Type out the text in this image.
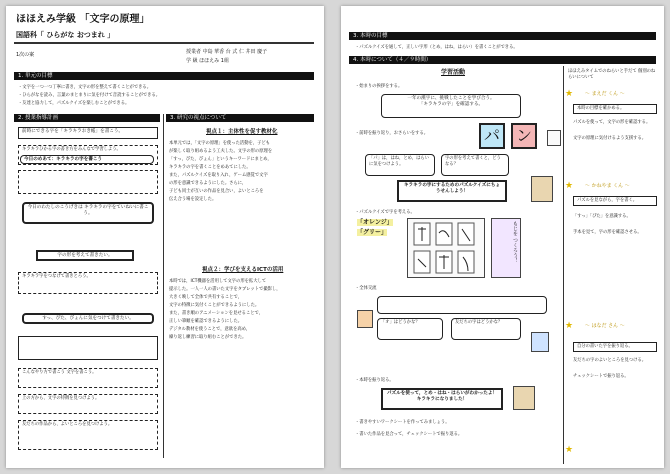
ほほえみ学級 「文字の原理」
国語科「 ひらがな おつまれ 」
1次の案	授業者 中島 華香 台 式 仁 井田 慶子
学 級 ほほえみ 1組
1. 単元の目標
・文字を一つ一つ丁寧に書き，文字の形を整えて書くことができる。
・ひらがなを読み，言葉のまとまりに気を付けて音読することができる。
・友達と協力して，パズルクイズを楽しむことができる。
2. 授業指導計画	3. 研究の視点について
前時にできる字を「キラキラおき帳」を書こう。
キラキラひかる字の書き方をみんなで学習しよう。
今日のめあて：キラキラの字を書こう
今日のわたしのこうげきは キラキラの字をていねいに書こう。
字の形を考えて書きたい。
キラキラ字をつなげて書きとろう。
すっ、ぴた、ぴょんに気をつけて書きたい。
こんなやり方で書こう 文字を書こう。
上の方から、文字の特徴を見つけよう。
友だちの作品から、よいところを見つけよう。
視点１：主体性を促す教材化
本単元では，「文字の原理」を使った活動を，子ども
が楽しく取り組めるよう工夫した。文字の形の原理を
「すっ，ぴた，ぴょん」というキーワードにまとめ，
キラキラの字を書くことをめあてにした。
また，パズルクイズを取り入れ，ゲーム感覚で文字
の形を意識できるようにした。さらに，
子ども同士が互いの作品を見合い，よいところを
伝え合う場を設定した。
視点２：学びを支えるICTの活用
本時では，ICT機器を活用して文字の形を拡大して
提示した。一人一人の書いた文字をタブレットで撮影し，
大きく映して全体で共有することで，
文字の特徴に気付くことができるようにした。
また，書き順のアニメーションを見せることで，
正しい筆順を確認できるようにした。
デジタル教材を使うことで，意欲を高め，
繰り返し練習に取り組むことができた。
3. 本時の目標
・パズルクイズを通して，正しい字形（とめ，はね，はらい）を書くことができる。
4. 本時について（４／９時間）
学習活動	ほほえみタイムでのねらいと手だて 個別のねらいについて
・始まりの挨拶をする。
一年の漢字に、挑戦したことを学び合う。
「キラキラの字」を確認する。
・前時を振り返り，おさらいをする。	パ ン
「パ」は，はね，とめ，はらいに気をつけよう。
字の形を考えて書くと，どうなる？
キラキラの字にするためのパズルクイズにちょうせんしよう！
・パズルクイズで字を考える。
「オレンジ」
「グリー」	もじを つくろう！
・全体交流
「オ」はどうかな？	友だちの字はどうかな？
・本時を振り返る。
パズルを使って，とめ・はね・はらいがわかったよ！キラキラになりました！
・書きやすいワークシートを作ってみましょう。
・書いた作品を見合って，チェックシートで振り返る。
★ 〜 まえだ くん 〜
本時の目標を確かめる。
パズルを使って，文字の形を確認する。
文字の原理に気付けるよう支援する。
★ 〜 かねやま くん 〜
パズルを見ながら，字を書く。
「すっ」「ぴた」を意識する。
手本を見て，字の形を確認させる。
★ 〜 はなだ さん 〜
自分の書いた字を振り返る。
友だちの字のよいところを見つける。
チェックシートで振り返る。
★
